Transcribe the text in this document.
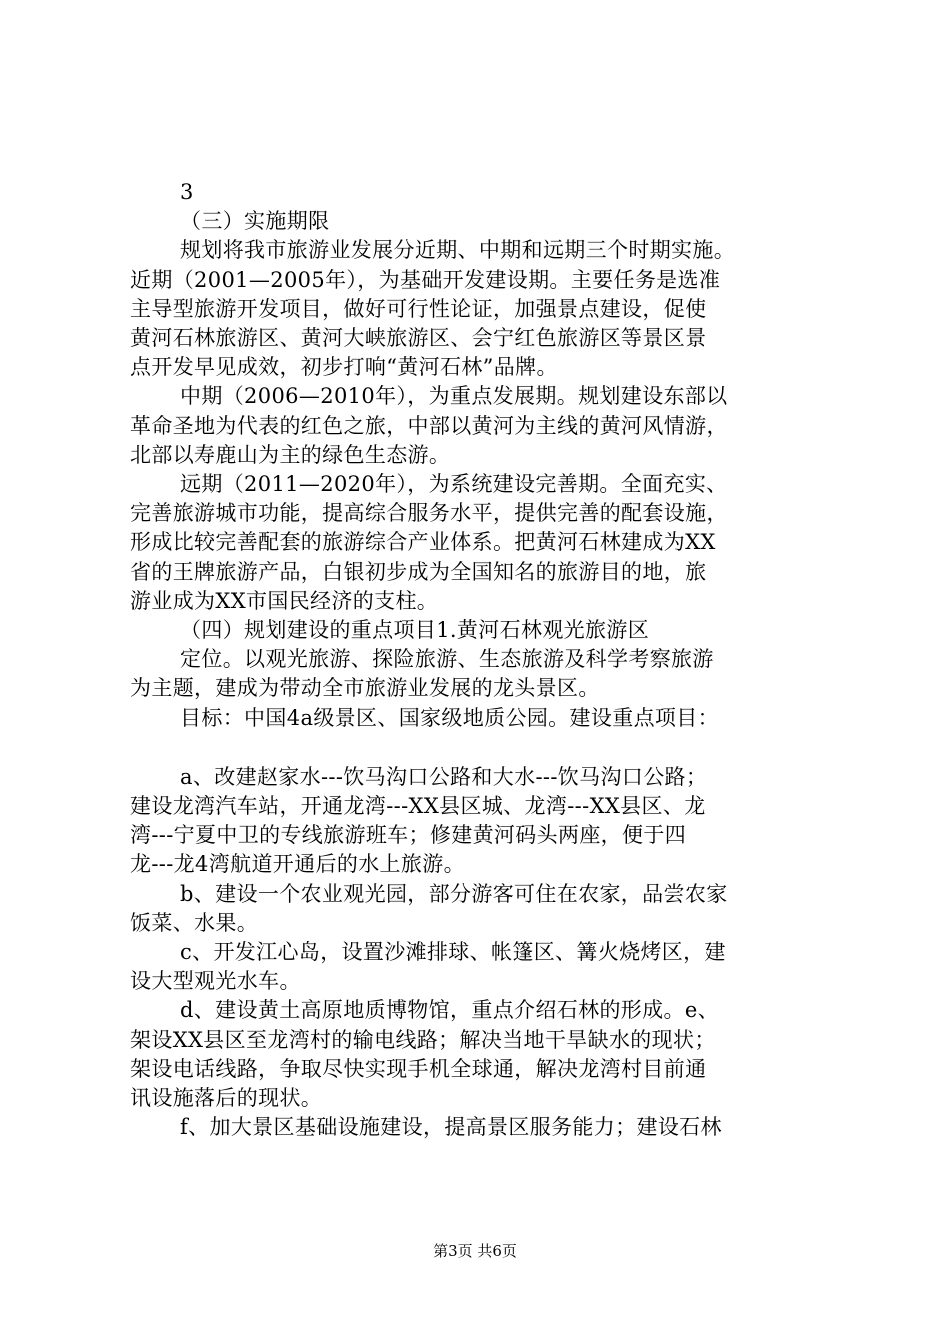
3
（三）实施期限
规划将我市旅游业发展分近期、中期和远期三个时期实施。
近期（2001—2005年），为基础开发建设期。主要任务是选准
主导型旅游开发项目，做好可行性论证，加强景点建设，促使
黄河石林旅游区、黄河大峡旅游区、会宁红色旅游区等景区景
点开发早见成效，初步打响“黄河石林”品牌。
中期（2006—2010年），为重点发展期。规划建设东部以
革命圣地为代表的红色之旅，中部以黄河为主线的黄河风情游，
北部以寿鹿山为主的绿色生态游。
远期（2011—2020年），为系统建设完善期。全面充实、
完善旅游城市功能，提高综合服务水平，提供完善的配套设施，
形成比较完善配套的旅游综合产业体系。把黄河石林建成为XX
省的王牌旅游产品，白银初步成为全国知名的旅游目的地，旅
游业成为XX市国民经济的支柱。
（四）规划建设的重点项目1.黄河石林观光旅游区
定位。以观光旅游、探险旅游、生态旅游及科学考察旅游
为主题，建成为带动全市旅游业发展的龙头景区。
目标：中国4a级景区、国家级地质公园。建设重点项目：
a、改建赵家水---饮马沟口公路和大水---饮马沟口公路；
建设龙湾汽车站，开通龙湾---XX县区城、龙湾---XX县区、龙
湾---宁夏中卫的专线旅游班车；修建黄河码头两座，便于四
龙---龙4湾航道开通后的水上旅游。
b、建设一个农业观光园，部分游客可住在农家，品尝农家
饭菜、水果。
c、开发江心岛，设置沙滩排球、帐篷区、篝火烧烤区，建
设大型观光水车。
d、建设黄土高原地质博物馆，重点介绍石林的形成。e、
架设XX县区至龙湾村的输电线路；解决当地干旱缺水的现状；
架设电话线路，争取尽快实现手机全球通，解决龙湾村目前通
讯设施落后的现状。
f、加大景区基础设施建设，提高景区服务能力；建设石林
第3页 共6页
